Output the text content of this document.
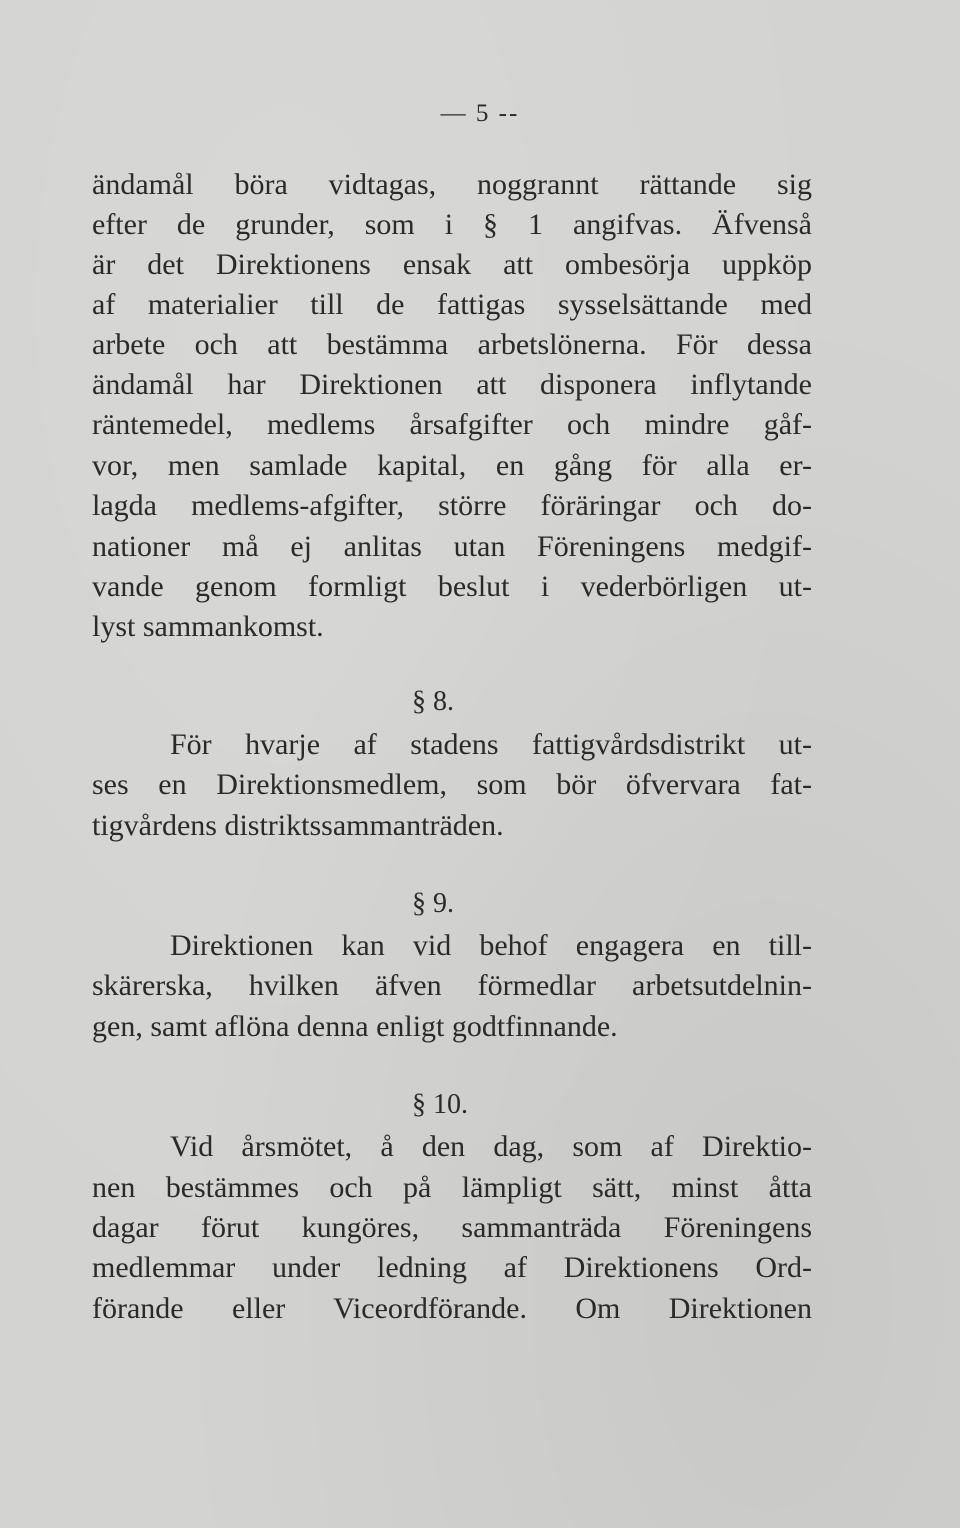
— 5 --
ändamål böra vidtagas, noggrannt rättande sig
efter de grunder, som i § 1 angifvas. Äfvenså
är det Direktionens ensak att ombesörja uppköp
af materialier till de fattigas sysselsättande med
arbete och att bestämma arbetslönerna. För dessa
ändamål har Direktionen att disponera inflytande
räntemedel, medlems årsafgifter och mindre gåf-
vor, men samlade kapital, en gång för alla er-
lagda medlems-afgifter, större föräringar och do-
nationer må ej anlitas utan Föreningens medgif-
vande genom formligt beslut i vederbörligen ut-
lyst sammankomst.
§ 8.
För hvarje af stadens fattigvårdsdistrikt ut-
ses en Direktionsmedlem, som bör öfvervara fat-
tigvårdens distriktssammanträden.
§ 9.
Direktionen kan vid behof engagera en till-
skärerska, hvilken äfven förmedlar arbetsutdelnin-
gen, samt aflöna denna enligt godtfinnande.
§ 10.
Vid årsmötet, å den dag, som af Direktio-
nen bestämmes och på lämpligt sätt, minst åtta
dagar förut kungöres, sammanträda Föreningens
medlemmar under ledning af Direktionens Ord-
förande eller Viceordförande. Om Direktionen
